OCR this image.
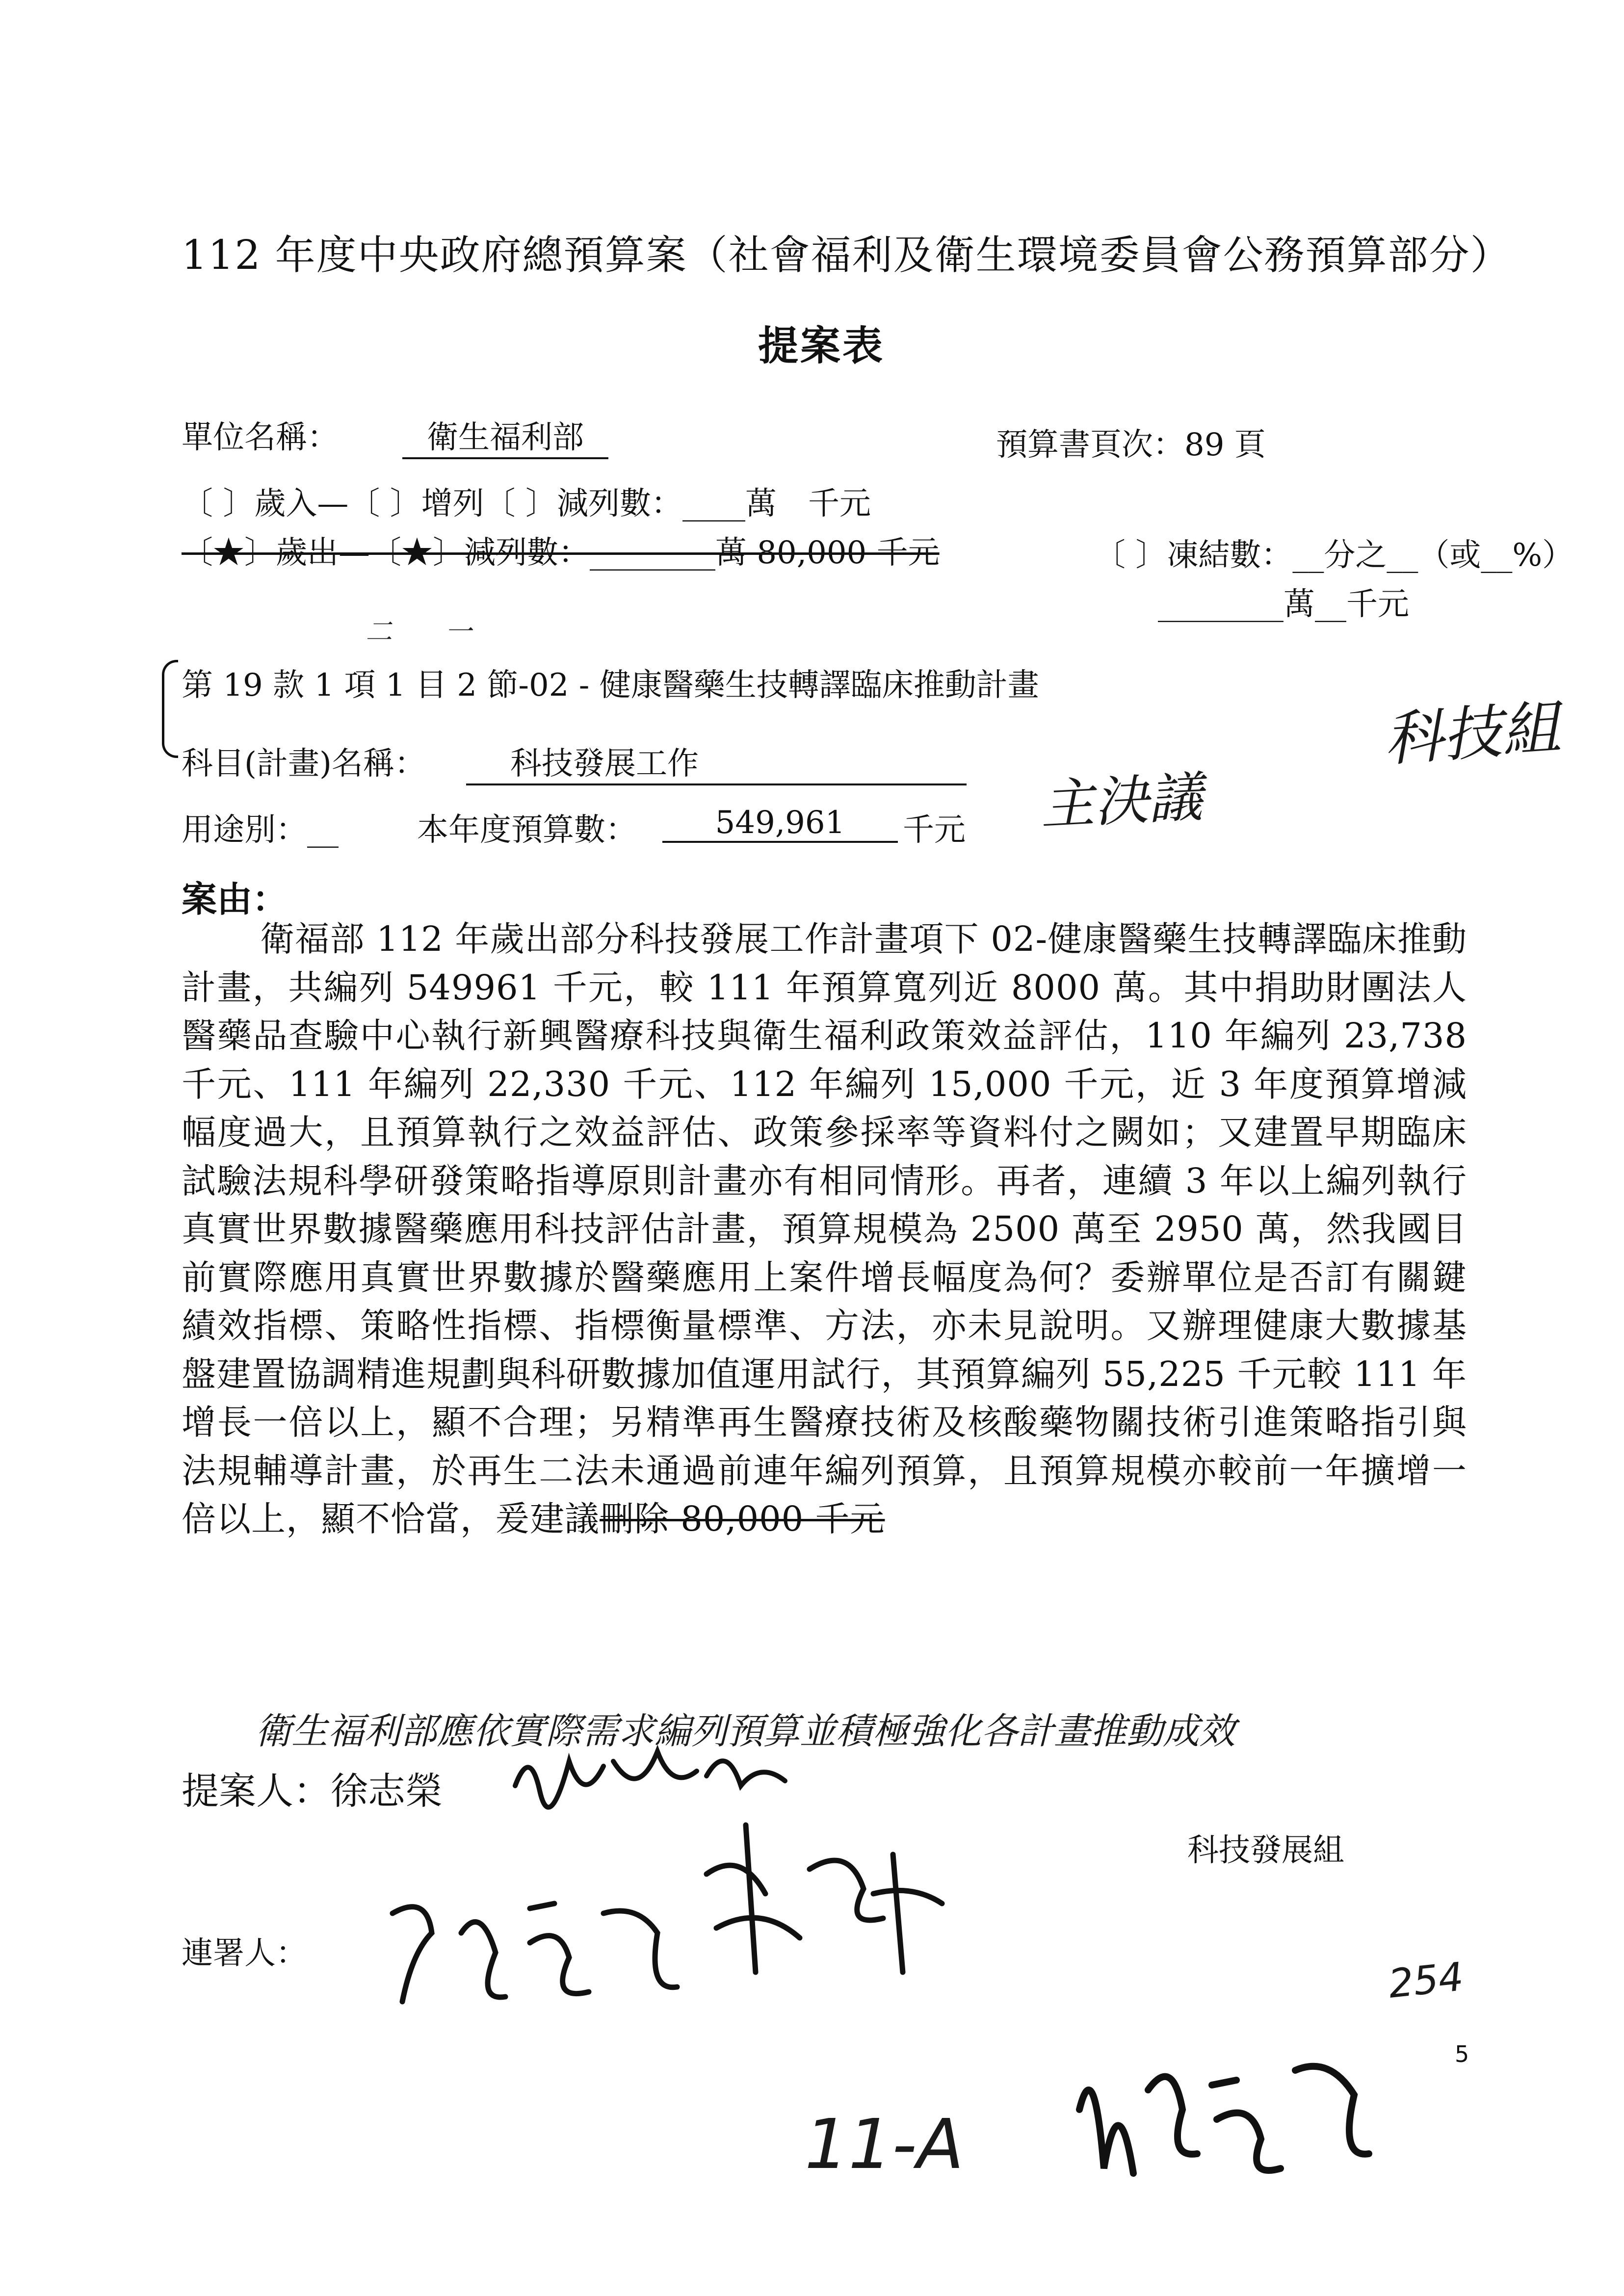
112 年度中央政府總預算案（社會福利及衛生環境委員會公務預算部分）
提案表
單位名稱：	衛生福利部	預算書頁次：89 頁
〔 〕歲入—〔 〕增列〔 〕減列數：____萬　千元
〔★〕歲出—〔★〕減列數：________萬 80,000 千元	〔 〕凍結數：__分之__（或__%）
________萬__千元
二　　一
第 19 款 1 項 1 目 2 節-02 - 健康醫藥生技轉譯臨床推動計畫
科目(計畫)名稱：	科技發展工作
用途別：__	本年度預算數：	549,961	千元
科技組
主決議
案由：
衛福部 112 年歲出部分科技發展工作計畫項下 02-健康醫藥生技轉譯臨床推動計畫，共編列 549961 千元，較 111 年預算寬列近 8000 萬。其中捐助財團法人醫藥品查驗中心執行新興醫療科技與衛生福利政策效益評估，110 年編列 23,738 千元、111 年編列 22,330 千元、112 年編列 15,000 千元，近 3 年度預算增減幅度過大，且預算執行之效益評估、政策參採率等資料付之闕如；又建置早期臨床試驗法規科學研發策略指導原則計畫亦有相同情形。再者，連續 3 年以上編列執行真實世界數據醫藥應用科技評估計畫，預算規模為 2500 萬至 2950 萬，然我國目前實際應用真實世界數據於醫藥應用上案件增長幅度為何？委辦單位是否訂有關鍵績效指標、策略性指標、指標衡量標準、方法，亦未見說明。又辦理健康大數據基盤建置協調精進規劃與科研數據加值運用試行，其預算編列 55,225 千元較 111 年增長一倍以上，顯不合理；另精準再生醫療技術及核酸藥物關技術引進策略指引與法規輔導計畫，於再生二法未通過前連年編列預算，且預算規模亦較前一年擴增一倍以上，顯不恰當，爰建議刪除 80,000 千元
衛生福利部應依實際需求編列預算並積極強化各計畫推動成效
提案人：徐志榮
科技發展組
連署人：
254
5
11-A
